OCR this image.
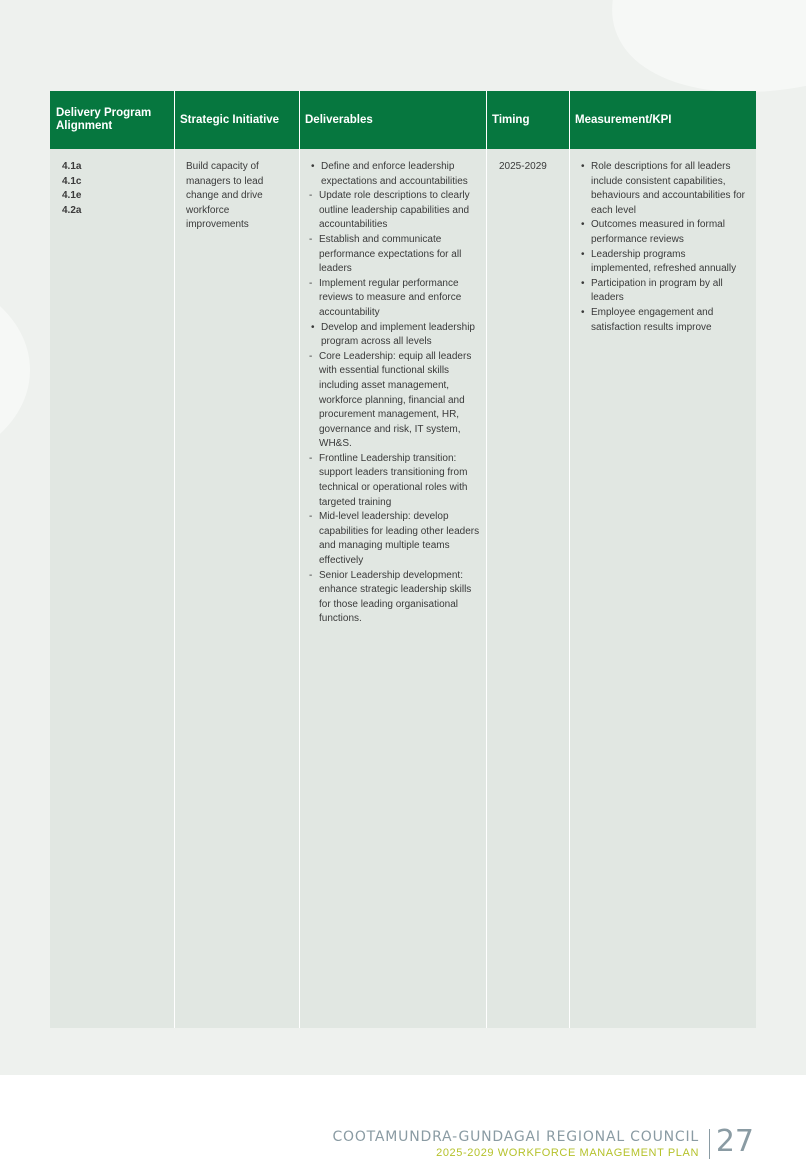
Delivery Program Alignment
Strategic Initiative	Deliverables	Timing	Measurement/KPI
4.1a
4.1c
4.1e
4.2a
Build capacity of managers to lead change and drive workforce improvements
• Define and enforce leadership expectations and accountabilities
- Update role descriptions to clearly outline leadership capabilities and accountabilities
- Establish and communicate performance expectations for all leaders
- Implement regular performance reviews to measure and enforce accountability
• Develop and implement leadership program across all levels
- Core Leadership: equip all leaders with essential functional skills including asset management, workforce planning, financial and procurement management, HR, governance and risk, IT system, WH&S.
- Frontline Leadership transition: support leaders transitioning from technical or operational roles with targeted training
- Mid-level leadership: develop capabilities for leading other leaders and managing multiple teams effectively
- Senior Leadership development: enhance strategic leadership skills for those leading organisational functions.
2025-2029
•	Role descriptions for all leaders include consistent capabilities, behaviours and accountabilities for each level
• Outcomes measured in formal performance reviews
• Leadership programs implemented, refreshed annually
• Participation in program by all leaders
• Employee engagement and satisfaction results improve
COOTAMUNDRA-GUNDAGAI REGIONAL COUNCIL
2025-2029 WORKFORCE MANAGEMENT PLAN 27
